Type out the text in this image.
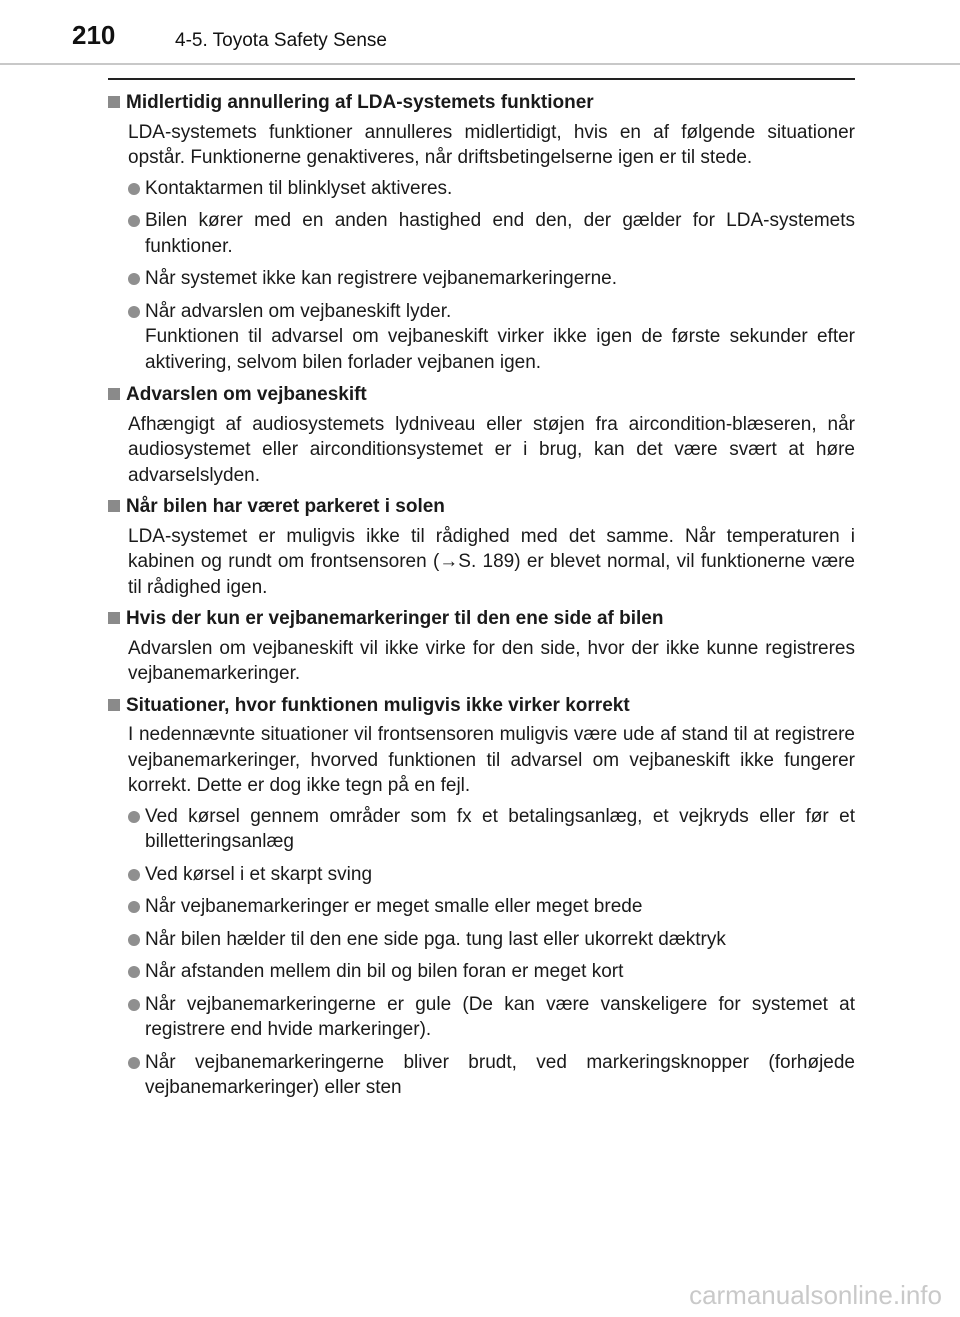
210	4-5. Toyota Safety Sense
Midlertidig annullering af LDA-systemets funktioner
LDA-systemets funktioner annulleres midlertidigt, hvis en af følgende situationer opstår. Funktionerne genaktiveres, når driftsbetingelserne igen er til stede.
Kontaktarmen til blinklyset aktiveres.
Bilen kører med en anden hastighed end den, der gælder for LDA-systemets funktioner.
Når systemet ikke kan registrere vejbanemarkeringerne.
Når advarslen om vejbaneskift lyder.
Funktionen til advarsel om vejbaneskift virker ikke igen de første sekunder efter aktivering, selvom bilen forlader vejbanen igen.
Advarslen om vejbaneskift
Afhængigt af audiosystemets lydniveau eller støjen fra aircondition-blæseren, når audiosystemet eller airconditionsystemet er i brug, kan det være svært at høre advarselslyden.
Når bilen har været parkeret i solen
LDA-systemet er muligvis ikke til rådighed med det samme. Når temperaturen i kabinen og rundt om frontsensoren (→S. 189) er blevet normal, vil funktionerne være til rådighed igen.
Hvis der kun er vejbanemarkeringer til den ene side af bilen
Advarslen om vejbaneskift vil ikke virke for den side, hvor der ikke kunne registreres vejbanemarkeringer.
Situationer, hvor funktionen muligvis ikke virker korrekt
I nedennævnte situationer vil frontsensoren muligvis være ude af stand til at registrere vejbanemarkeringer, hvorved funktionen til advarsel om vejbaneskift ikke fungerer korrekt. Dette er dog ikke tegn på en fejl.
Ved kørsel gennem områder som fx et betalingsanlæg, et vejkryds eller før et billetteringsanlæg
Ved kørsel i et skarpt sving
Når vejbanemarkeringer er meget smalle eller meget brede
Når bilen hælder til den ene side pga. tung last eller ukorrekt dæktryk
Når afstanden mellem din bil og bilen foran er meget kort
Når vejbanemarkeringerne er gule (De kan være vanskeligere for systemet at registrere end hvide markeringer).
Når vejbanemarkeringerne bliver brudt, ved markeringsknopper (forhøjede vejbanemarkeringer) eller sten
carmanualsonline.info
